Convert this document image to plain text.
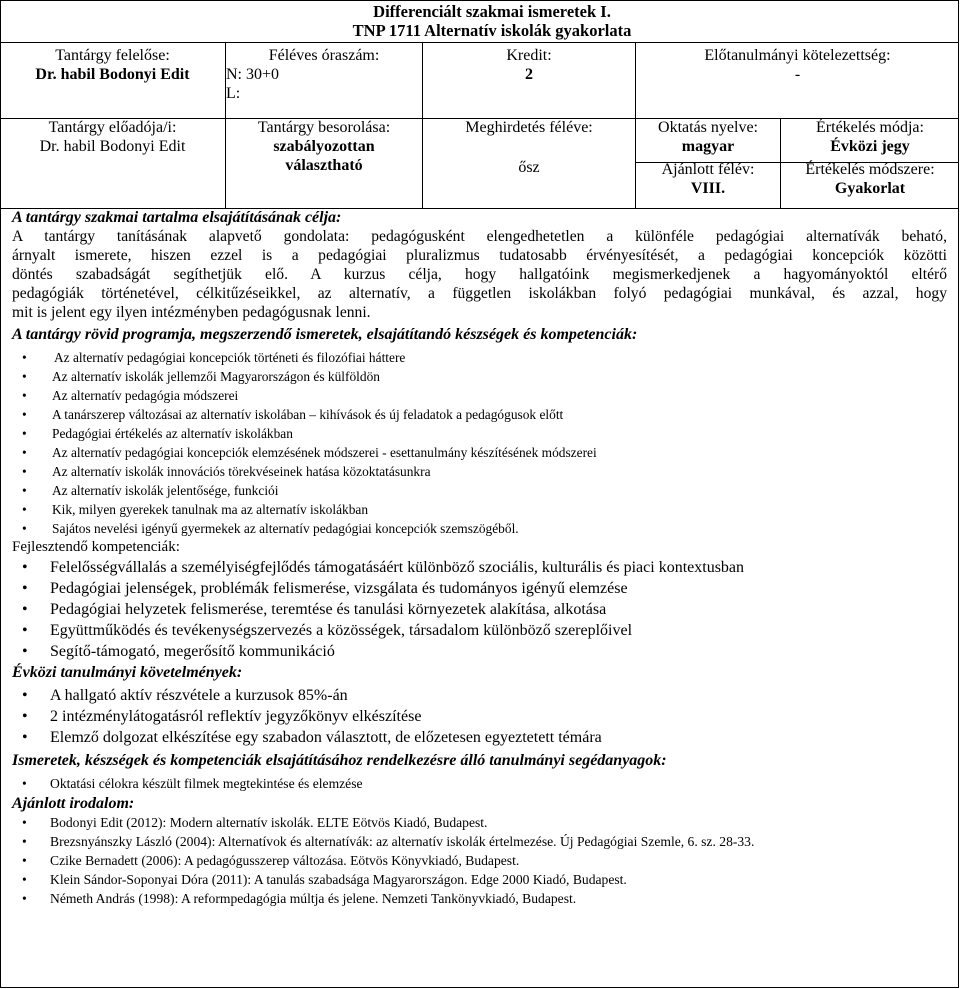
Differenciált szakmai ismeretek I.
TNP 1711 Alternatív iskolák gyakorlata
Tantárgy felelőse:
Dr. habil Bodonyi Edit
Féléves óraszám:
N: 30+0
L:
Kredit:
2
Előtanulmányi kötelezettség:
-
Tantárgy előadója/i:
Dr. habil Bodonyi Edit
Tantárgy besorolása:
szabályozottan
választható
Meghirdetés féléve:
ősz
Oktatás nyelve:
magyar
Ajánlott félév:
VIII.
Értékelés módja:
Évközi jegy
Értékelés módszere:
Gyakorlat
A tantárgy szakmai tartalma elsajátításának célja:
A tantárgy tanításának alapvető gondolata: pedagógusként elengedhetetlen a különféle pedagógiai alternatívák beható,
árnyalt ismerete, hiszen ezzel is a pedagógiai pluralizmus tudatosabb érvényesítését, a pedagógiai koncepciók közötti
döntés szabadságát segíthetjük elő. A kurzus célja, hogy hallgatóink megismerkedjenek a hagyományoktól eltérő
pedagógiák történetével, célkitűzéseikkel, az alternatív, a független iskolákban folyó pedagógiai munkával, és azzal, hogy
mit is jelent egy ilyen intézményben pedagógusnak lenni.
A tantárgy rövid programja, megszerzendő ismeretek, elsajátítandó készségek és kompetenciák:
• Az alternatív pedagógiai koncepciók történeti és filozófiai háttere
• Az alternatív iskolák jellemzői Magyarországon és külföldön
• Az alternatív pedagógia módszerei
• A tanárszerep változásai az alternatív iskolában – kihívások és új feladatok a pedagógusok előtt
• Pedagógiai értékelés az alternatív iskolákban
• Az alternatív pedagógiai koncepciók elemzésének módszerei - esettanulmány készítésének módszerei
• Az alternatív iskolák innovációs törekvéseinek hatása közoktatásunkra
• Az alternatív iskolák jelentősége, funkciói
• Kik, milyen gyerekek tanulnak ma az alternatív iskolákban
• Sajátos nevelési igényű gyermekek az alternatív pedagógiai koncepciók szemszögéből.
Fejlesztendő kompetenciák:
• Felelősségvállalás a személyiségfejlődés támogatásáért különböző szociális, kulturális és piaci kontextusban
• Pedagógiai jelenségek, problémák felismerése, vizsgálata és tudományos igényű elemzése
• Pedagógiai helyzetek felismerése, teremtése és tanulási környezetek alakítása, alkotása
• Együttműködés és tevékenységszervezés a közösségek, társadalom különböző szereplőivel
• Segítő-támogató, megerősítő kommunikáció
Évközi tanulmányi követelmények:
• A hallgató aktív részvétele a kurzusok 85%-án
• 2 intézménylátogatásról reflektív jegyzőkönyv elkészítése
• Elemző dolgozat elkészítése egy szabadon választott, de előzetesen egyeztetett témára
Ismeretek, készségek és kompetenciák elsajátításához rendelkezésre álló tanulmányi segédanyagok:
• Oktatási célokra készült filmek megtekintése és elemzése
Ajánlott irodalom:
• Bodonyi Edit (2012): Modern alternatív iskolák. ELTE Eötvös Kiadó, Budapest.
• Brezsnyánszky László (2004): Alternatívok és alternatívák: az alternatív iskolák értelmezése. Új Pedagógiai Szemle, 6. sz. 28-33.
• Czike Bernadett (2006): A pedagógusszerep változása. Eötvös Könyvkiadó, Budapest.
• Klein Sándor-Soponyai Dóra (2011): A tanulás szabadsága Magyarországon. Edge 2000 Kiadó, Budapest.
• Németh András (1998): A reformpedagógia múltja és jelene. Nemzeti Tankönyvkiadó, Budapest.
